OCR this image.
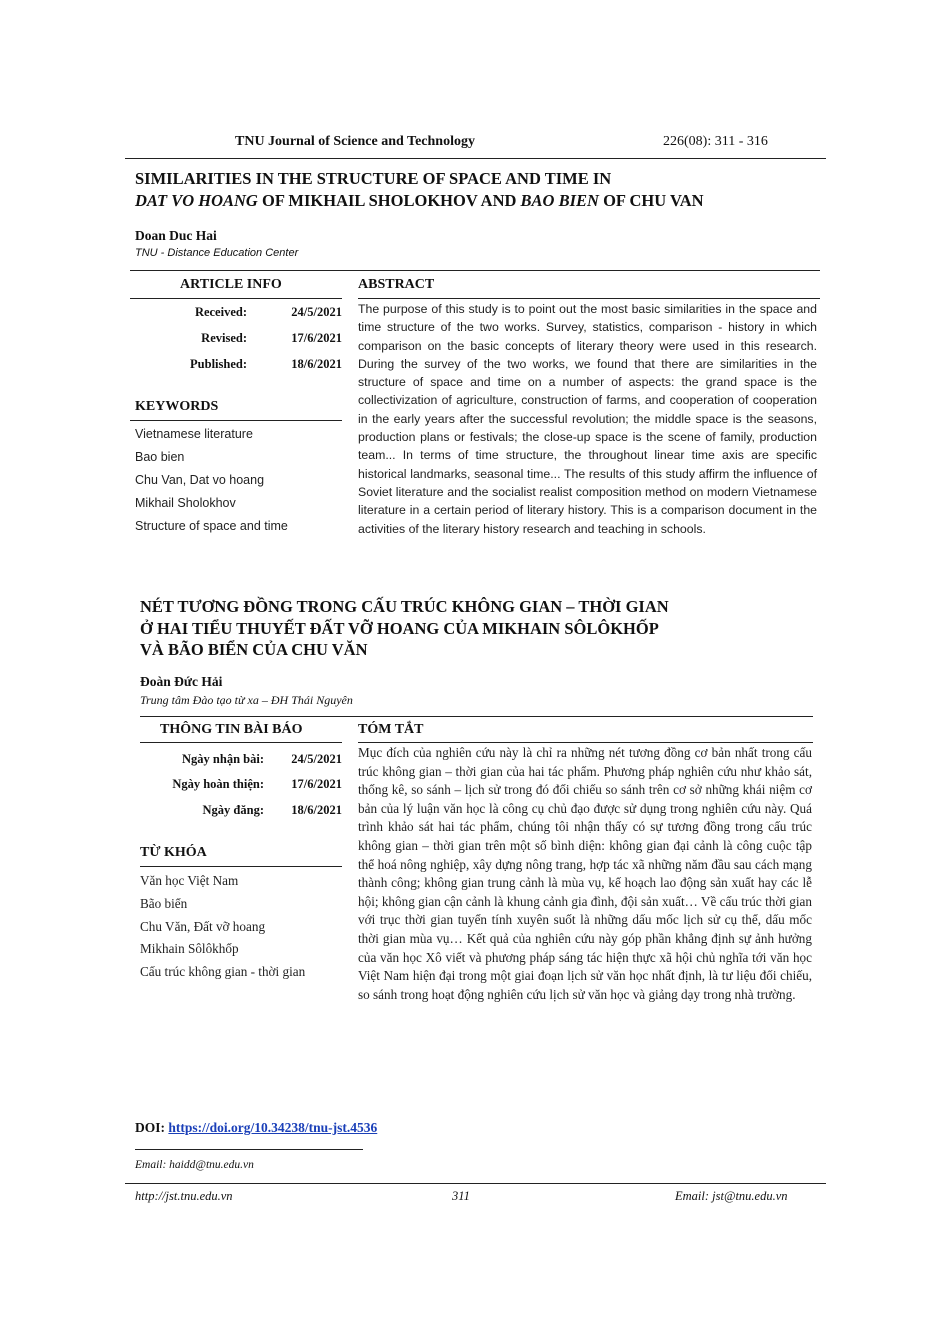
TNU Journal of Science and Technology	226(08): 311 - 316
SIMILARITIES IN THE STRUCTURE OF SPACE AND TIME IN
DAT VO HOANG OF MIKHAIL SHOLOKHOV AND BAO BIEN OF CHU VAN
Doan Duc Hai
TNU - Distance Education Center
ARTICLE INFO	ABSTRACT
Received:	24/5/2021
Revised:	17/6/2021
Published:	18/6/2021
KEYWORDS
Vietnamese literature
Bao bien
Chu Van, Dat vo hoang
Mikhail Sholokhov
Structure of space and time
The purpose of this study is to point out the most basic similarities in the space and time structure of the two works. Survey, statistics, comparison - history in which comparison on the basic concepts of literary theory were used in this research. During the survey of the two works, we found that there are similarities in the structure of space and time on a number of aspects: the grand space is the collectivization of agriculture, construction of farms, and cooperation of cooperation in the early years after the successful revolution; the middle space is the seasons, production plans or festivals; the close-up space is the scene of family, production team... In terms of time structure, the throughout linear time axis are specific historical landmarks, seasonal time... The results of this study affirm the influence of Soviet literature and the socialist realist composition method on modern Vietnamese literature in a certain period of literary history. This is a comparison document in the activities of the literary history research and teaching in schools.
NÉT TƯƠNG ĐỒNG TRONG CẤU TRÚC KHÔNG GIAN – THỜI GIAN
Ở HAI TIỂU THUYẾT ĐẤT VỠ HOANG CỦA MIKHAIN SÔLÔKHỐP
VÀ BÃO BIỂN CỦA CHU VĂN
Đoàn Đức Hải
Trung tâm Đào tạo từ xa – ĐH Thái Nguyên
THÔNG TIN BÀI BÁO	TÓM TẮT
Ngày nhận bài: 24/5/2021
Ngày hoàn thiện: 17/6/2021
Ngày đăng: 18/6/2021
TỪ KHÓA
Văn học Việt Nam
Bão biển
Chu Văn, Đất vỡ hoang
Mikhain Sôlôkhốp
Cấu trúc không gian - thời gian
Mục đích của nghiên cứu này là chỉ ra những nét tương đồng cơ bản nhất trong cấu trúc không gian – thời gian của hai tác phẩm. Phương pháp nghiên cứu như khảo sát, thống kê, so sánh – lịch sử trong đó đối chiếu so sánh trên cơ sở những khái niệm cơ bản của lý luận văn học là công cụ chủ đạo được sử dụng trong nghiên cứu này. Quá trình khảo sát hai tác phẩm, chúng tôi nhận thấy có sự tương đồng trong cấu trúc không gian – thời gian trên một số bình diện: không gian đại cảnh là công cuộc tập thể hoá nông nghiệp, xây dựng nông trang, hợp tác xã những năm đầu sau cách mạng thành công; không gian trung cảnh là mùa vụ, kế hoạch lao động sản xuất hay các lễ hội; không gian cận cảnh là khung cảnh gia đình, đội sản xuất… Về cấu trúc thời gian với trục thời gian tuyến tính xuyên suốt là những dấu mốc lịch sử cụ thể, dấu mốc thời gian mùa vụ… Kết quả của nghiên cứu này góp phần khẳng định sự ảnh hưởng của văn học Xô viết và phương pháp sáng tác hiện thực xã hội chủ nghĩa tới văn học Việt Nam hiện đại trong một giai đoạn lịch sử văn học nhất định, là tư liệu đối chiếu, so sánh trong hoạt động nghiên cứu lịch sử văn học và giảng dạy trong nhà trường.
DOI: https://doi.org/10.34238/tnu-jst.4536
Email: haidd@tnu.edu.vn
http://jst.tnu.edu.vn	311	Email: jst@tnu.edu.vn
